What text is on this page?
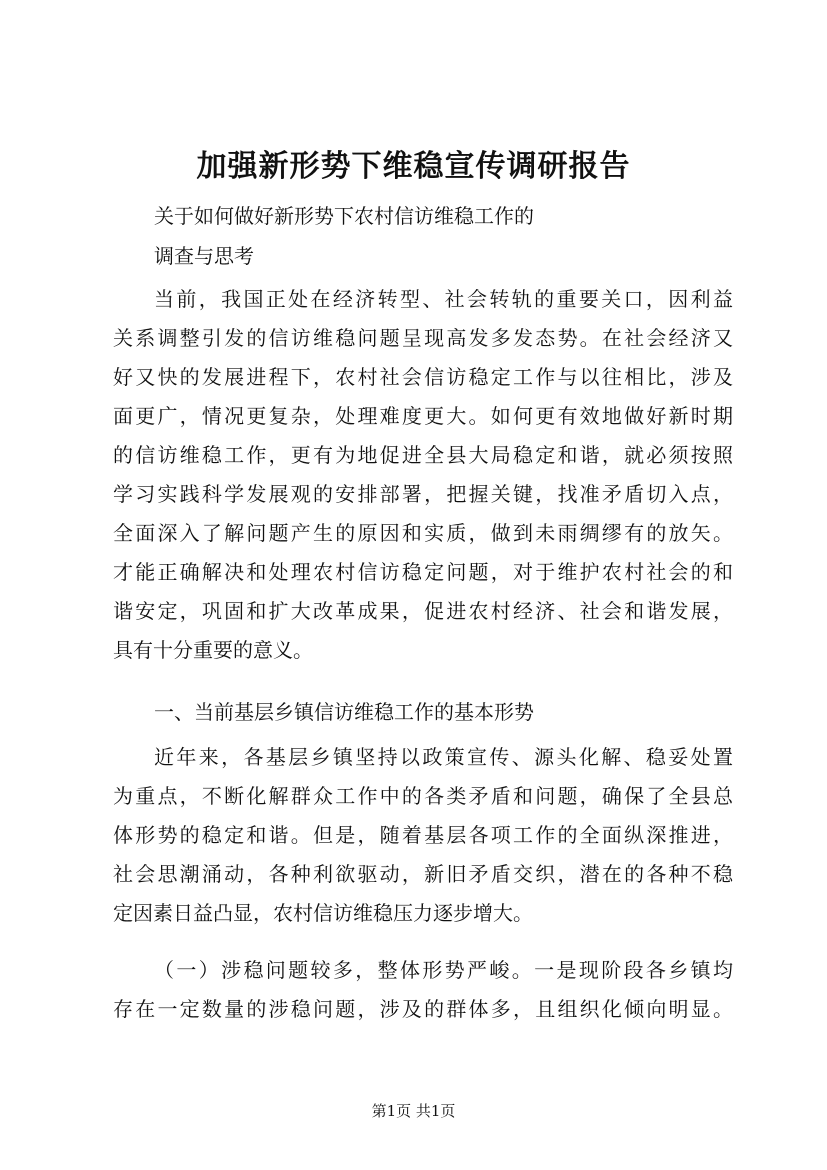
加强新形势下维稳宣传调研报告
关于如何做好新形势下农村信访维稳工作的
调查与思考
当前，我国正处在经济转型、社会转轨的重要关口，因利益
关系调整引发的信访维稳问题呈现高发多发态势。在社会经济又
好又快的发展进程下，农村社会信访稳定工作与以往相比，涉及
面更广，情况更复杂，处理难度更大。如何更有效地做好新时期
的信访维稳工作，更有为地促进全县大局稳定和谐，就必须按照
学习实践科学发展观的安排部署，把握关键，找准矛盾切入点，
全面深入了解问题产生的原因和实质，做到未雨绸缪有的放矢。
才能正确解决和处理农村信访稳定问题，对于维护农村社会的和
谐安定，巩固和扩大改革成果，促进农村经济、社会和谐发展，
具有十分重要的意义。
一、当前基层乡镇信访维稳工作的基本形势
近年来，各基层乡镇坚持以政策宣传、源头化解、稳妥处置
为重点，不断化解群众工作中的各类矛盾和问题，确保了全县总
体形势的稳定和谐。但是，随着基层各项工作的全面纵深推进，
社会思潮涌动，各种利欲驱动，新旧矛盾交织，潜在的各种不稳
定因素日益凸显，农村信访维稳压力逐步增大。
（一）涉稳问题较多，整体形势严峻。一是现阶段各乡镇均
存在一定数量的涉稳问题，涉及的群体多，且组织化倾向明显。
第1页 共1页
